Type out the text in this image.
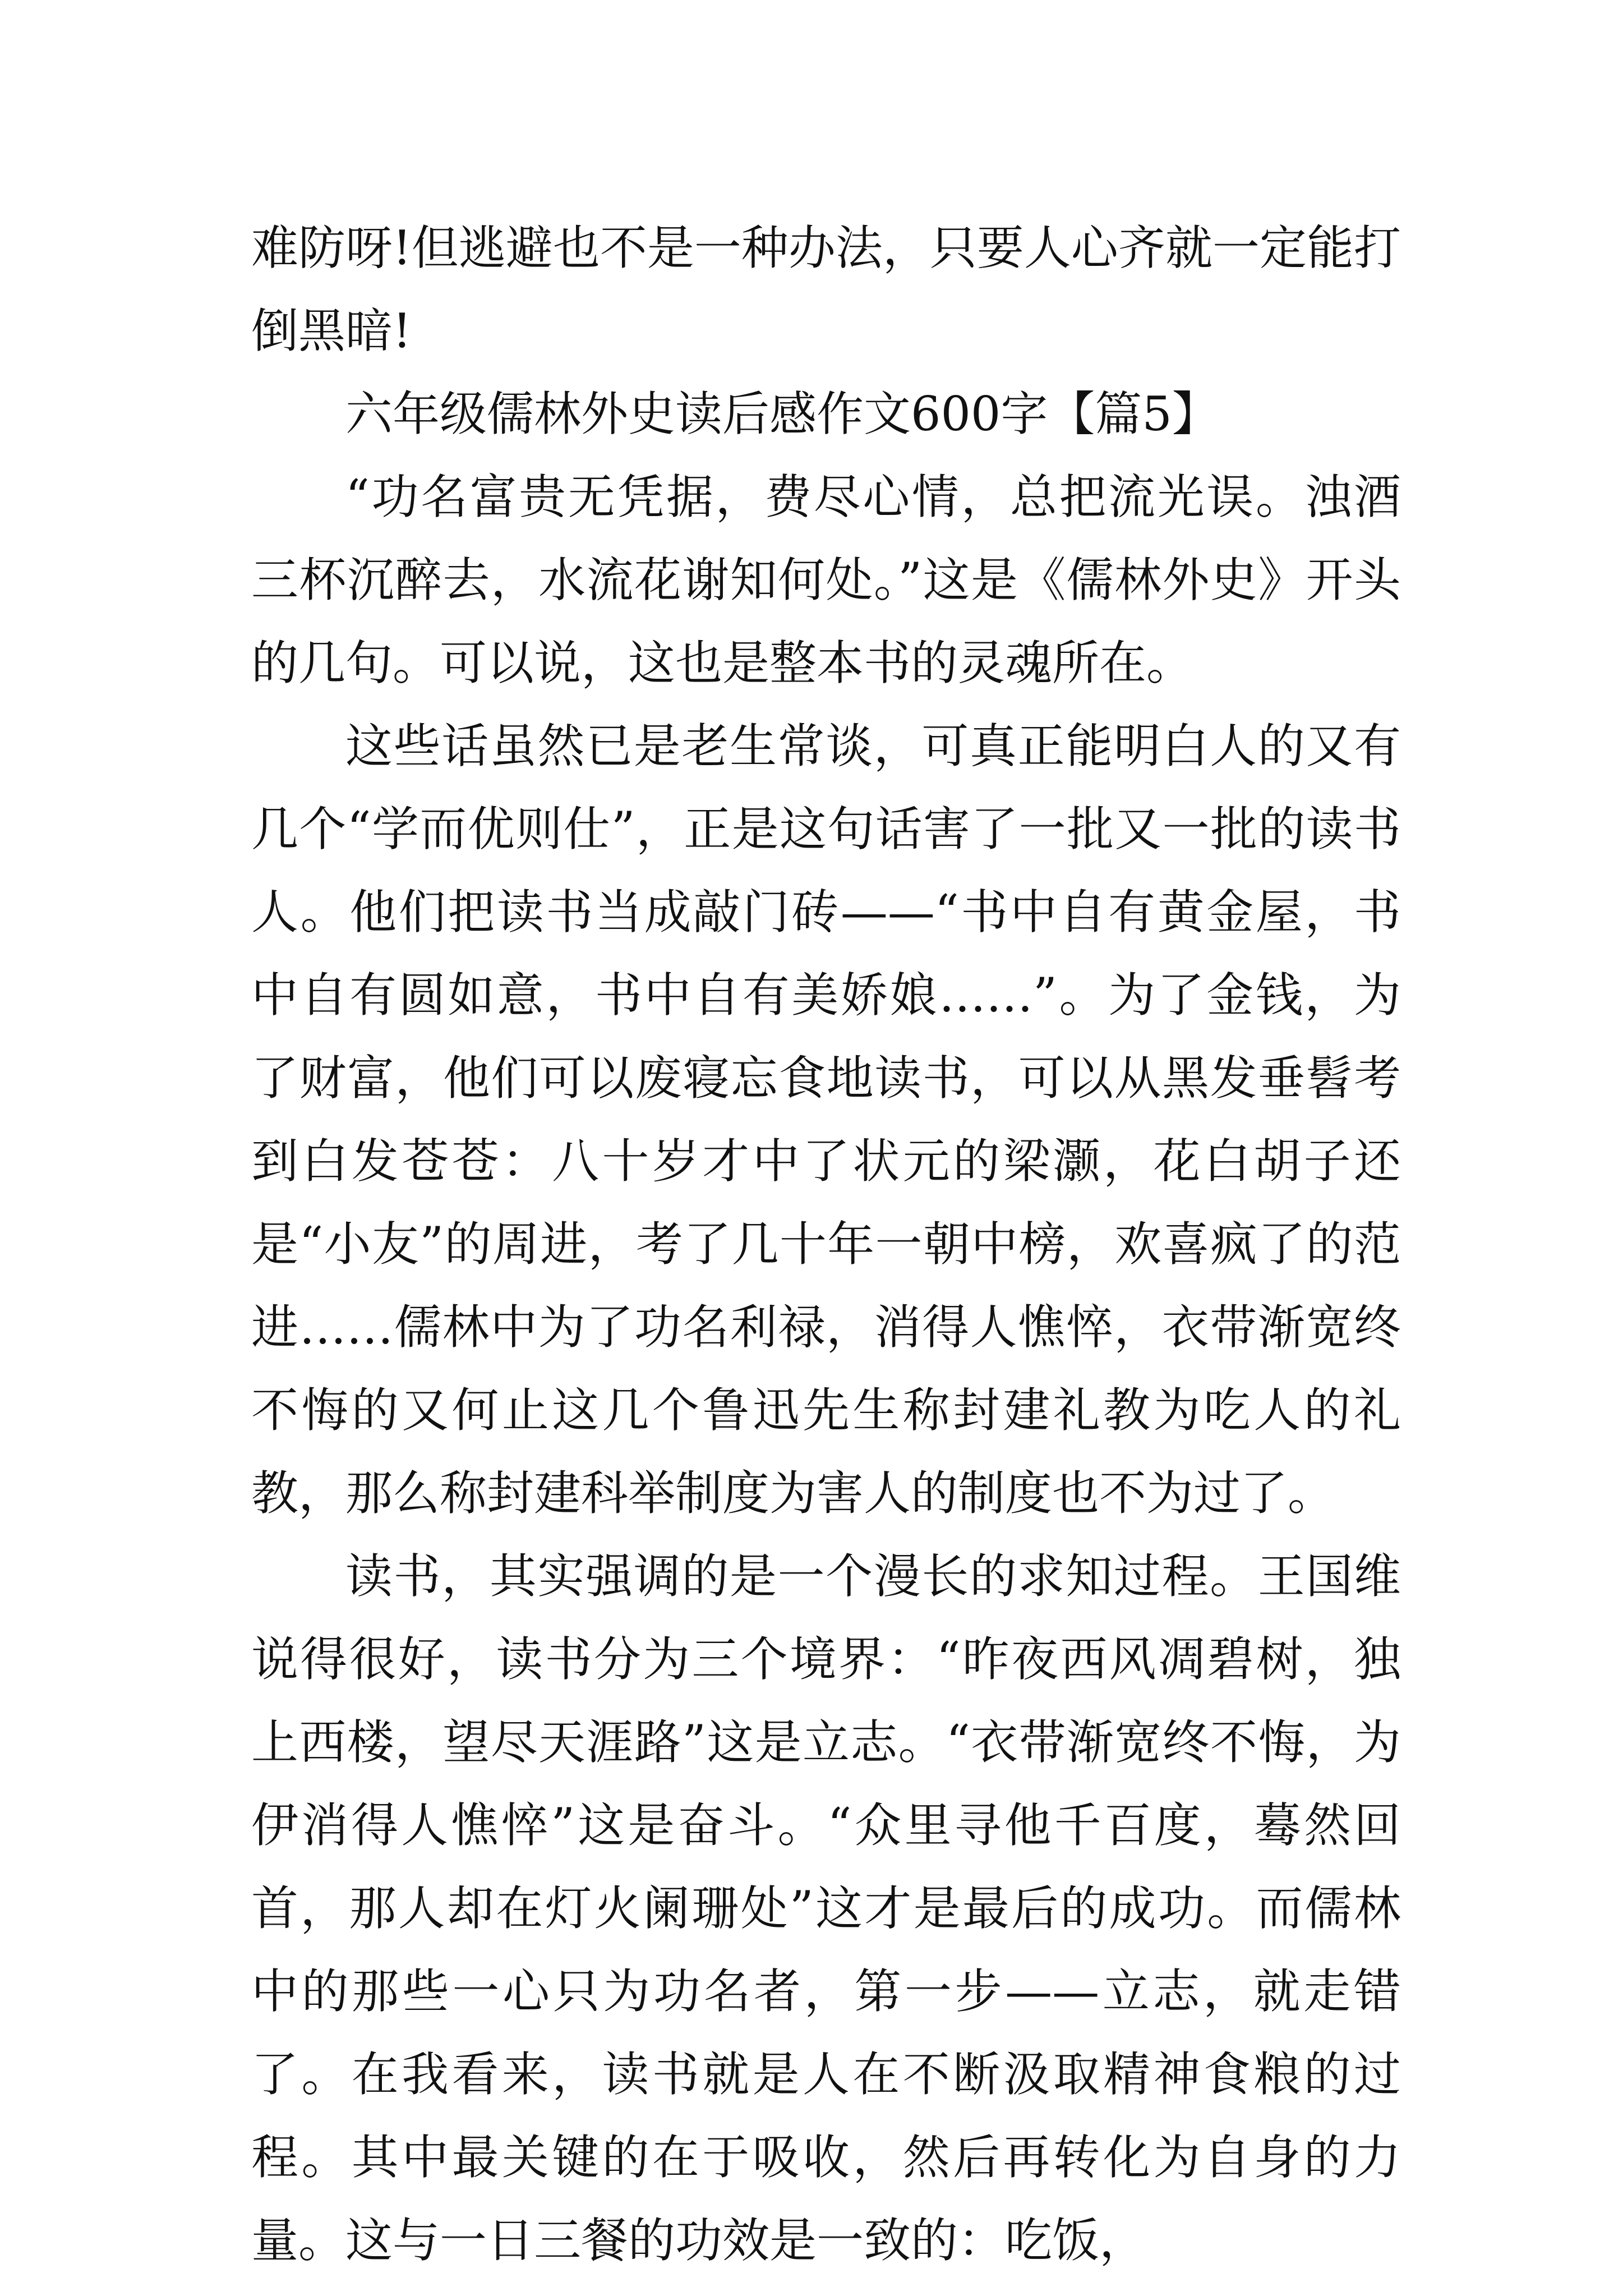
难防呀!但逃避也不是一种办法，只要人心齐就一定能打倒黑暗!

六年级儒林外史读后感作文600字【篇5】

“功名富贵无凭据，费尽心情，总把流光误。浊酒三杯沉醉去，水流花谢知何处。”这是《儒林外史》开头的几句。可以说，这也是整本书的灵魂所在。

这些话虽然已是老生常谈，可真正能明白人的又有几个“学而优则仕”，正是这句话害了一批又一批的读书人。他们把读书当成敲门砖——“书中自有黄金屋，书中自有圆如意，书中自有美娇娘……”。为了金钱，为了财富，他们可以废寝忘食地读书，可以从黑发垂髫考到白发苍苍：八十岁才中了状元的梁灏，花白胡子还是“小友”的周进，考了几十年一朝中榜，欢喜疯了的范进……儒林中为了功名利禄，消得人憔悴，衣带渐宽终不悔的又何止这几个鲁迅先生称封建礼教为吃人的礼教，那么称封建科举制度为害人的制度也不为过了。

读书，其实强调的是一个漫长的求知过程。王国维说得很好，读书分为三个境界：“昨夜西风凋碧树，独上西楼，望尽天涯路”这是立志。“衣带渐宽终不悔，为伊消得人憔悴”这是奋斗。“众里寻他千百度，蓦然回首，那人却在灯火阑珊处”这才是最后的成功。而儒林中的那些一心只为功名者，第一步——立志，就走错了。在我看来，读书就是人在不断汲取精神食粮的过程。其中最关键的在于吸收，然后再转化为自身的力量。这与一日三餐的功效是一致的：吃饭，
